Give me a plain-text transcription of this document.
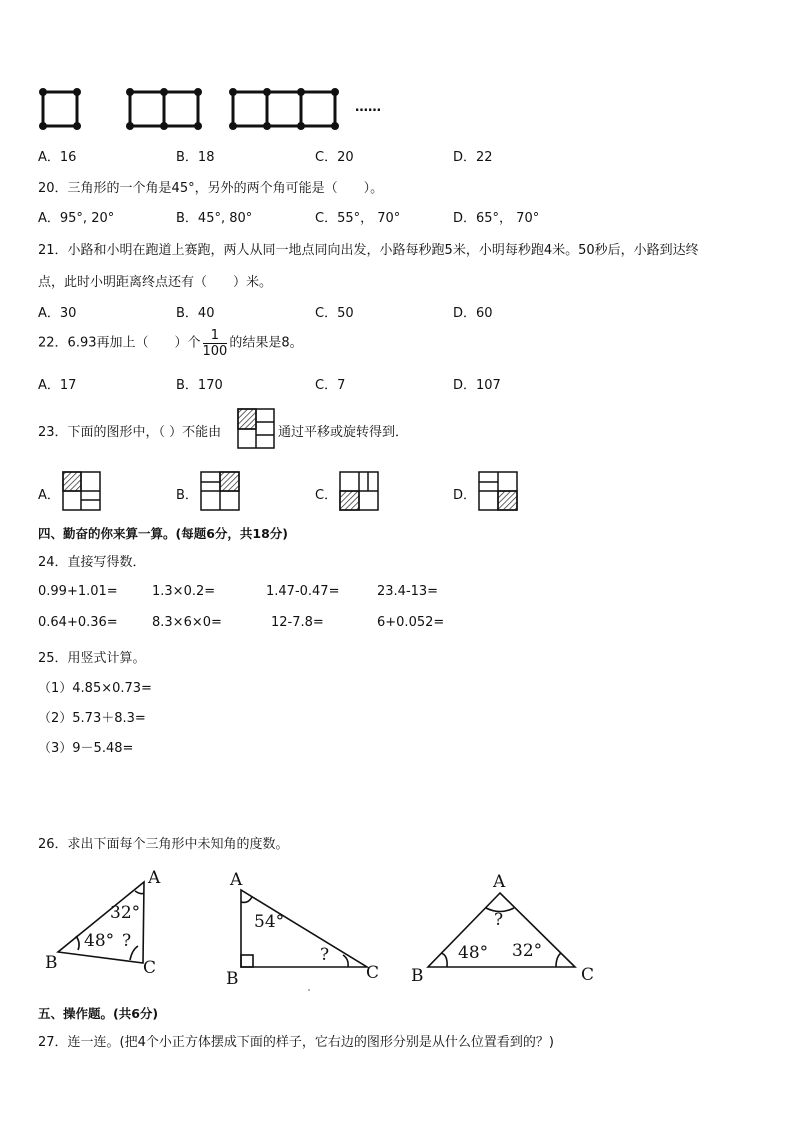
……
A．16	B．18	C．20	D．22
20．三角形的一个角是45°，另外的两个角可能是（　　）。
A．95°, 20°	B．45°, 80°	C．55°， 70°	D．65°， 70°
21．小路和小明在跑道上赛跑，两人从同一地点同向出发，小路每秒跑5米，小明每秒跑4米。50秒后，小路到达终
点，此时小明距离终点还有（　　）米。
A．30	B．40	C．50	D．60
22．6.93再加上（　　）个 $\frac{1}{100}$ 的结果是8。
A．17	B．170	C．7	D．107
23．下面的图形中，（ ）不能由	通过平移或旋转得到．
A．	B．	C．	D．
四、勤奋的你来算一算。(每题6分，共18分)
24．直接写得数．
0.99+1.01=	1.3×0.2=	1.47-0.47=	23.4-13=
0.64+0.36=	8.3×6×0=	12-7.8=	6+0.052=
25．用竖式计算。
（1）4.85×0.73=
（2）5.73＋8.3=
（3）9－5.48=
26．求出下面每个三角形中未知角的度数。
A
B	C
32°
48° ?
A
B	C
54°
?
A
B	C
?
48° 32°
五、操作题。(共6分)
27．连一连。(把4个小正方体摆成下面的样子，它右边的图形分别是从什么位置看到的？)
